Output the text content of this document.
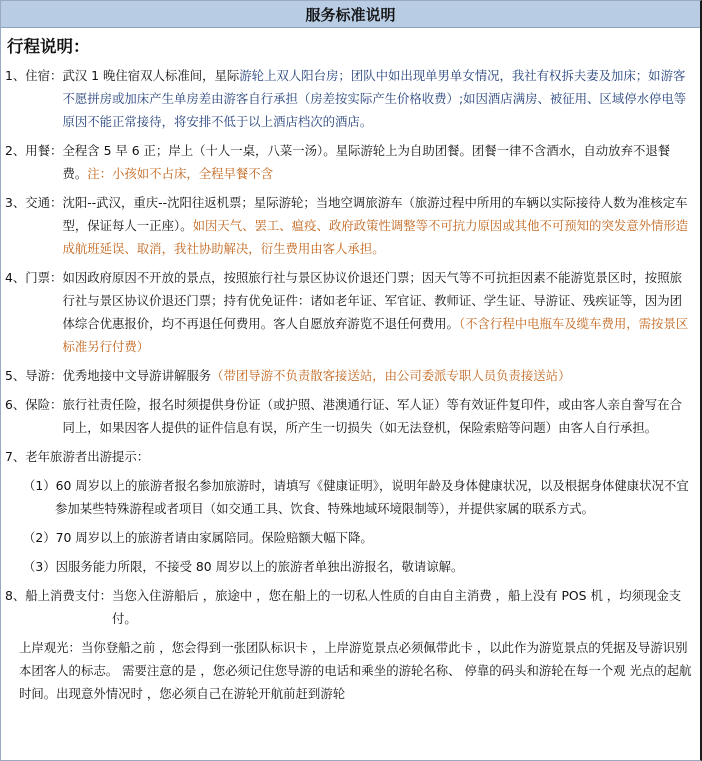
服务标准说明
行程说明：
1、住宿： 武汉 1 晚住宿双人标准间，星际游轮上双人阳台房；团队中如出现单男单女情况，我社有权拆夫妻及加床；如游客不愿拼房或加床产生单房差由游客自行承担（房差按实际产生价格收费）;如因酒店满房、被征用、区域停水停电等原因不能正常接待，将安排不低于以上酒店档次的酒店。
2、用餐： 全程含 5 早 6 正；岸上（十人一桌，八菜一汤）。星际游轮上为自助团餐。团餐一律不含酒水，自动放弃不退餐费。注：小孩如不占床，全程早餐不含
3、交通： 沈阳--武汉，重庆--沈阳往返机票；星际游轮；当地空调旅游车（旅游过程中所用的车辆以实际接待人数为准核定车型，保证每人一正座）。如因天气、罢工、瘟疫、政府政策性调整等不可抗力原因或其他不可预知的突发意外情形造成航班延误、取消，我社协助解决，衍生费用由客人承担。
4、门票： 如因政府原因不开放的景点，按照旅行社与景区协议价退还门票；因天气等不可抗拒因素不能游览景区时，按照旅行社与景区协议价退还门票；持有优免证件：诸如老年证、军官证、教师证、学生证、导游证、残疾证等，因为团体综合优惠报价，均不再退任何费用。客人自愿放弃游览不退任何费用。（不含行程中电瓶车及缆车费用，需按景区标准另行付费）
5、导游： 优秀地接中文导游讲解服务（带团导游不负责散客接送站，由公司委派专职人员负责接送站）
6、保险： 旅行社责任险，报名时须提供身份证（或护照、港澳通行证、军人证）等有效证件复印件，或由客人亲自誊写在合同上，如果因客人提供的证件信息有误，所产生一切损失（如无法登机，保险索赔等问题）由客人自行承担。
7、老年旅游者出游提示：
（1）60 周岁以上的旅游者报名参加旅游时，请填写《健康证明》，说明年龄及身体健康状况，以及根据身体健康状况不宜参加某些特殊游程或者项目（如交通工具、饮食、特殊地域环境限制等），并提供家属的联系方式。
（2）70 周岁以上的旅游者请由家属陪同。保险赔额大幅下降。
（3）因服务能力所限，不接受 80 周岁以上的旅游者单独出游报名，敬请谅解。
8、船上消费支付： 当您入住游船后 ，旅途中 ，您在船上的一切私人性质的自由自主消费 ，船上没有 POS 机 ，均须现金支付。
上岸观光：当你登船之前 ，您会得到一张团队标识卡 ，上岸游览景点必须佩带此卡 ，以此作为游览景点的凭据及导游识别 本团客人的标志。 需要注意的是 ，您必须记住您导游的电话和乘坐的游轮名称、 停靠的码头和游轮在每一个观 光点的起航时间。出现意外情况时 ，您必须自己在游轮开航前赶到游轮
